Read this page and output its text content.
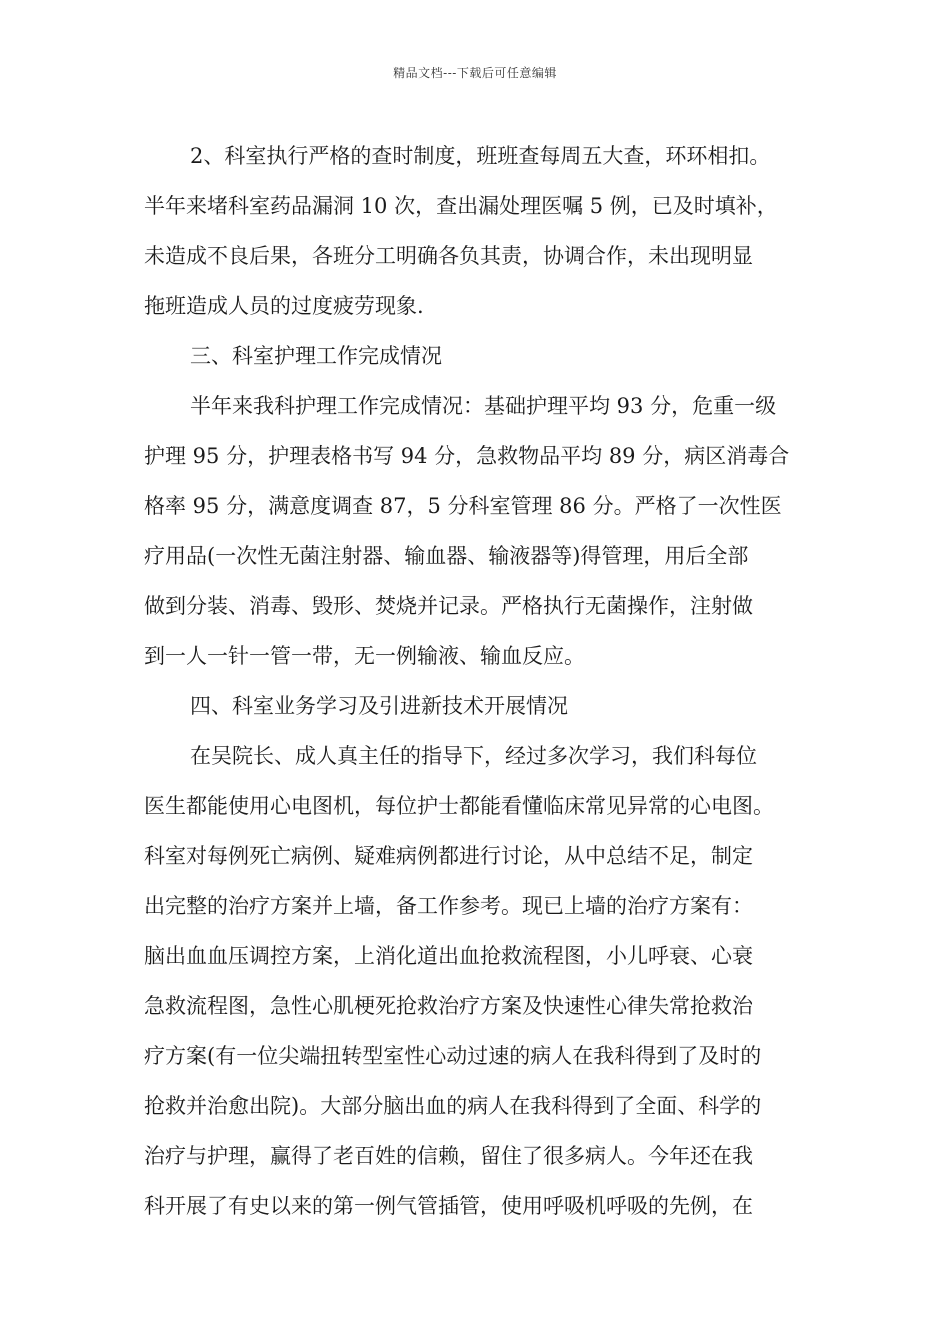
精品文档---下载后可任意编辑
2、科室执行严格的查时制度，班班查每周五大查，环环相扣。
半年来堵科室药品漏洞 10 次，查出漏处理医嘱 5 例，已及时填补，
未造成不良后果，各班分工明确各负其责，协调合作，未出现明显
拖班造成人员的过度疲劳现象.
三、科室护理工作完成情况
半年来我科护理工作完成情况：基础护理平均 93 分，危重一级
护理 95 分，护理表格书写 94 分，急救物品平均 89 分，病区消毒合
格率 95 分，满意度调查 87，5 分科室管理 86 分。严格了一次性医
疗用品(一次性无菌注射器、输血器、输液器等)得管理，用后全部
做到分装、消毒、毁形、焚烧并记录。严格执行无菌操作，注射做
到一人一针一管一带，无一例输液、输血反应。
四、科室业务学习及引进新技术开展情况
在吴院长、成人真主任的指导下，经过多次学习，我们科每位
医生都能使用心电图机，每位护士都能看懂临床常见异常的心电图。
科室对每例死亡病例、疑难病例都进行讨论，从中总结不足，制定
出完整的治疗方案并上墙，备工作参考。现已上墙的治疗方案有：
脑出血血压调控方案，上消化道出血抢救流程图，小儿呼衰、心衰
急救流程图，急性心肌梗死抢救治疗方案及快速性心律失常抢救治
疗方案(有一位尖端扭转型室性心动过速的病人在我科得到了及时的
抢救并治愈出院)。大部分脑出血的病人在我科得到了全面、科学的
治疗与护理，赢得了老百姓的信赖，留住了很多病人。今年还在我
科开展了有史以来的第一例气管插管，使用呼吸机呼吸的先例，在
